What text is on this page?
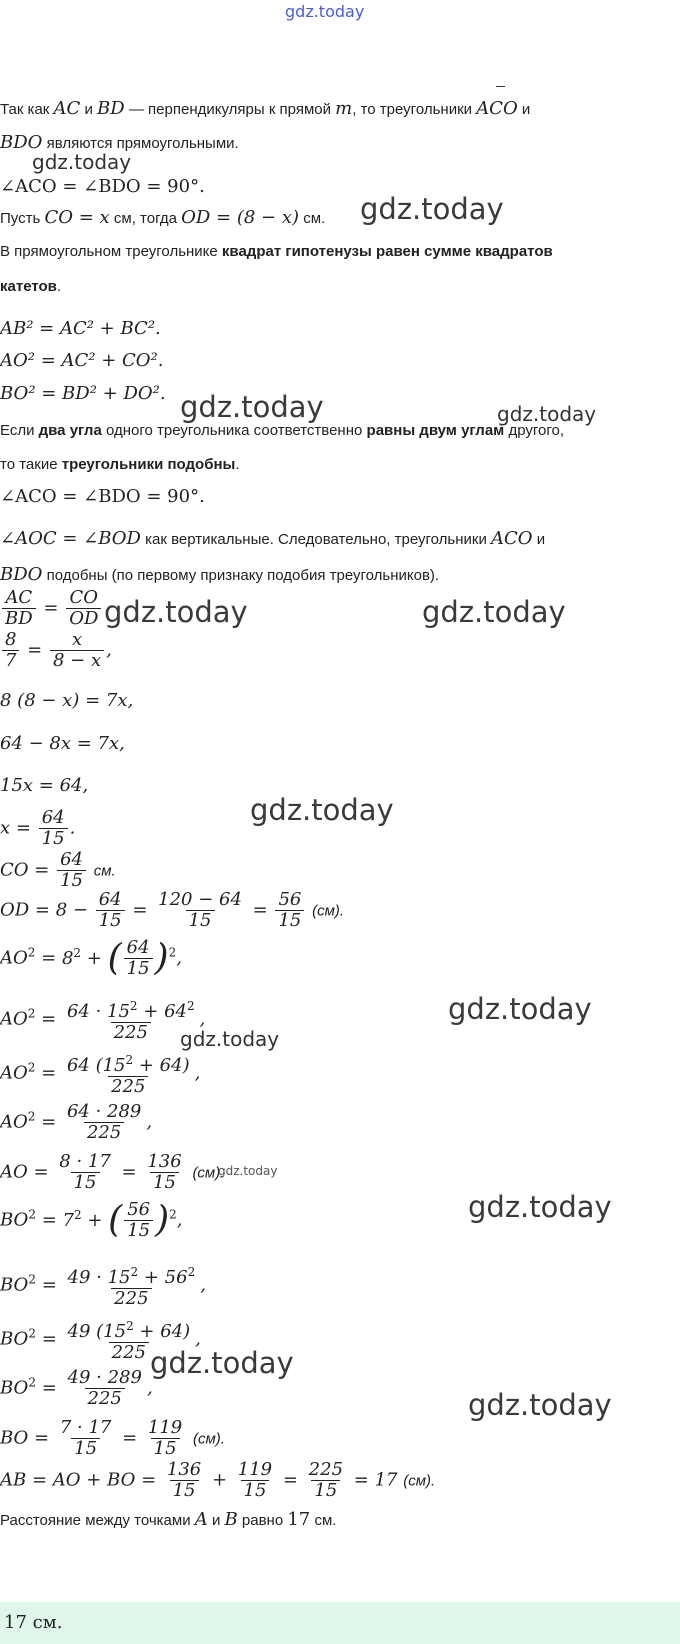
gdz.today
Так как AC и BD — перпендикуляры к прямой m, то треугольники ACO и
BDO являются прямоугольными.
gdz.today
∠ACO = ∠BDO = 90°.
Пусть CO = x см, тогда OD = (8 − x) см. gdz.today
В прямоугольном треугольнике квадрат гипотенузы равен сумме квадратов
катетов.
AB² = AC² + BC².
AO² = AC² + CO².
BO² = BD² + DO². gdz.today	gdz.today
Если два угла одного треугольника соответственно равны двум углам другого,
то такие треугольники подобны.
∠ACO = ∠BDO = 90°.
∠AOC = ∠BOD как вертикальные. Следовательно, треугольники ACO и
BDO подобны (по первому признаку подобия треугольников).
$\frac{AC}{BD} = \frac{CO}{OD}$ gdz.today	gdz.today
$\frac{8}{7} = \frac{x}{8 - x}$ ,
8 (8 − x) = 7x,
64 − 8x = 7x,
15x = 64,
gdz.today
$x = \frac{64}{15}$ .
CO = $\frac{64}{15}$ см.
OD = $8 - \frac{64}{15} = \frac{120 - 64}{15} = \frac{56}{15} (см)$.
$AO^2 = 8^2$ + ( $\frac{64}{15} )^2$,
$AO^2 = \frac{64 \cdot 15^2 + 64^2}{225}$ ,	gdz.today
gdz.today
$AO^2 = \frac{64 (15^2 + 64)}{225}$ ,
$AO^2 = \frac{64 \cdot 289}{225}$ ,
AO = $\frac{8 \cdot 17}{15} = \frac{136}{15} (см)$.
gdz.today
gdz.today
$BO^2 = 7^2$ + ( $\frac{56}{15} )^2$,
$BO^2 = \frac{49 \cdot 15^2 + 56^2}{225}$ ,
$BO^2 = \frac{49 (15^2 + 64)}{225}$ ,
gdz.today
$BO^2 = \frac{49 \cdot 289}{225}$ ,	gdz.today
BO = $\frac{7 \cdot 17}{15} = \frac{119}{15} (см)$.
AB = AO + BO = $\frac{136}{15} + \frac{119}{15} = \frac{225}{15} = 17$ (см).
Расстояние между точками A и B равно 17 см.
17 см.
